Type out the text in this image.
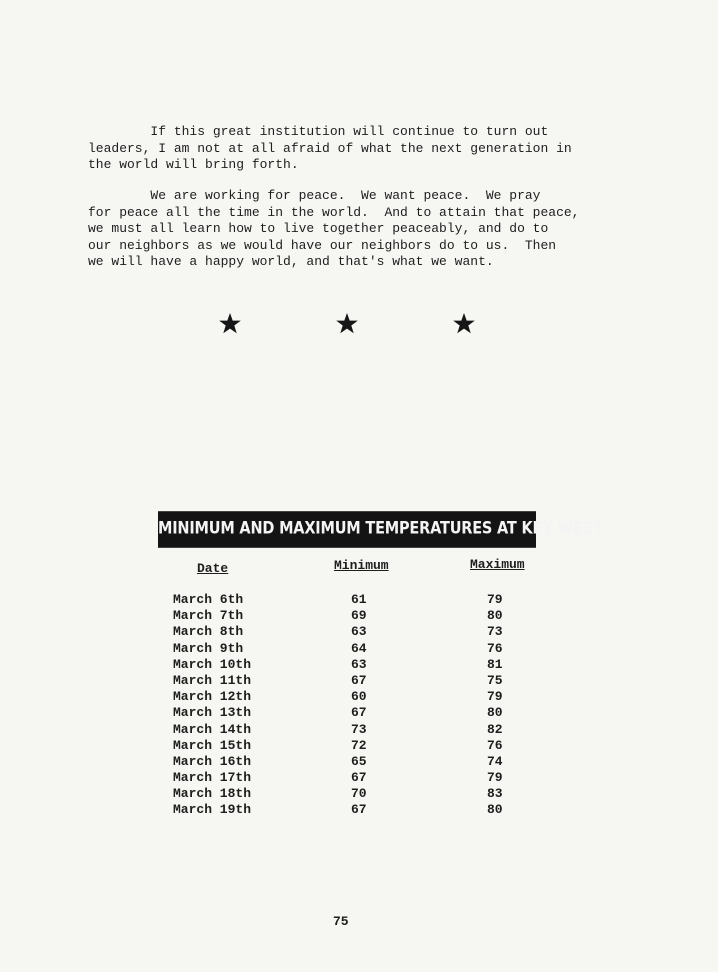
If this great institution will continue to turn out
leaders, I am not at all afraid of what the next generation in
the world will bring forth.
We are working for peace.  We want peace.  We pray
for peace all the time in the world.  And to attain that peace,
we must all learn how to live together peaceably, and do to
our neighbors as we would have our neighbors do to us.  Then
we will have a happy world, and that's what we want.
MINIMUM AND MAXIMUM TEMPERATURES AT KEY WEST
Date	Minimum	Maximum
March 6th	61	79
March 7th	69	80
March 8th	63	73
March 9th	64	76
March 10th	63	81
March 11th	67	75
March 12th	60	79
March 13th	67	80
March 14th	73	82
March 15th	72	76
March 16th	65	74
March 17th	67	79
March 18th	70	83
March 19th	67	80
75
